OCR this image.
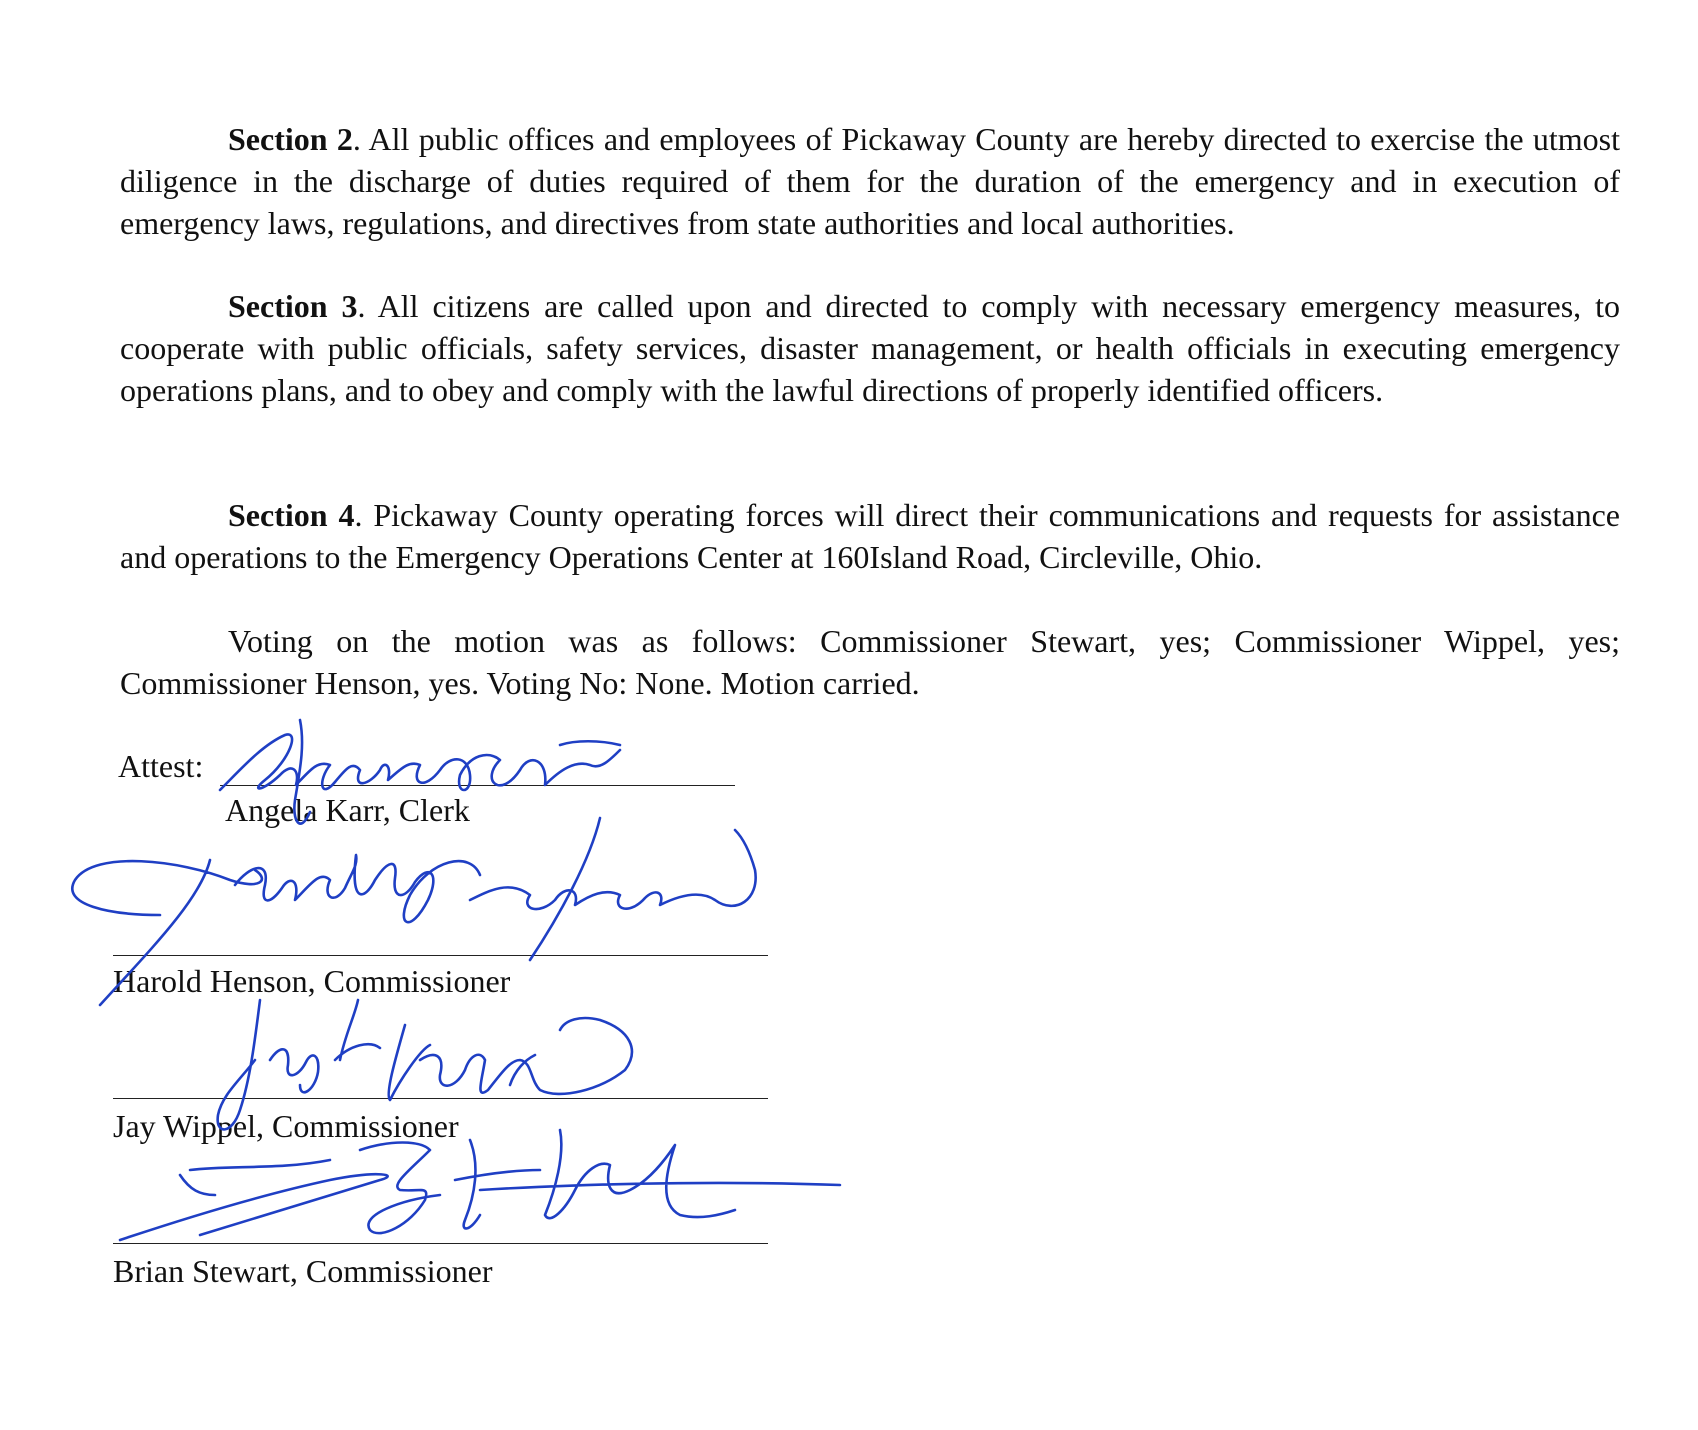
Section 2. All public offices and employees of Pickaway County are hereby directed to exercise the utmost diligence in the discharge of duties required of them for the duration of the emergency and in execution of emergency laws, regulations, and directives from state authorities and local authorities.

Section 3. All citizens are called upon and directed to comply with necessary emergency measures, to cooperate with public officials, safety services, disaster management, or health officials in executing emergency operations plans, and to obey and comply with the lawful directions of properly identified officers.

Section 4. Pickaway County operating forces will direct their communications and requests for assistance and operations to the Emergency Operations Center at 160Island Road, Circleville, Ohio.

Voting on the motion was as follows: Commissioner Stewart, yes; Commissioner Wippel, yes; Commissioner Henson, yes. Voting No: None. Motion carried.

Attest:
Angela Karr, Clerk
Harold Henson, Commissioner
Jay Wippel, Commissioner
Brian Stewart, Commissioner
